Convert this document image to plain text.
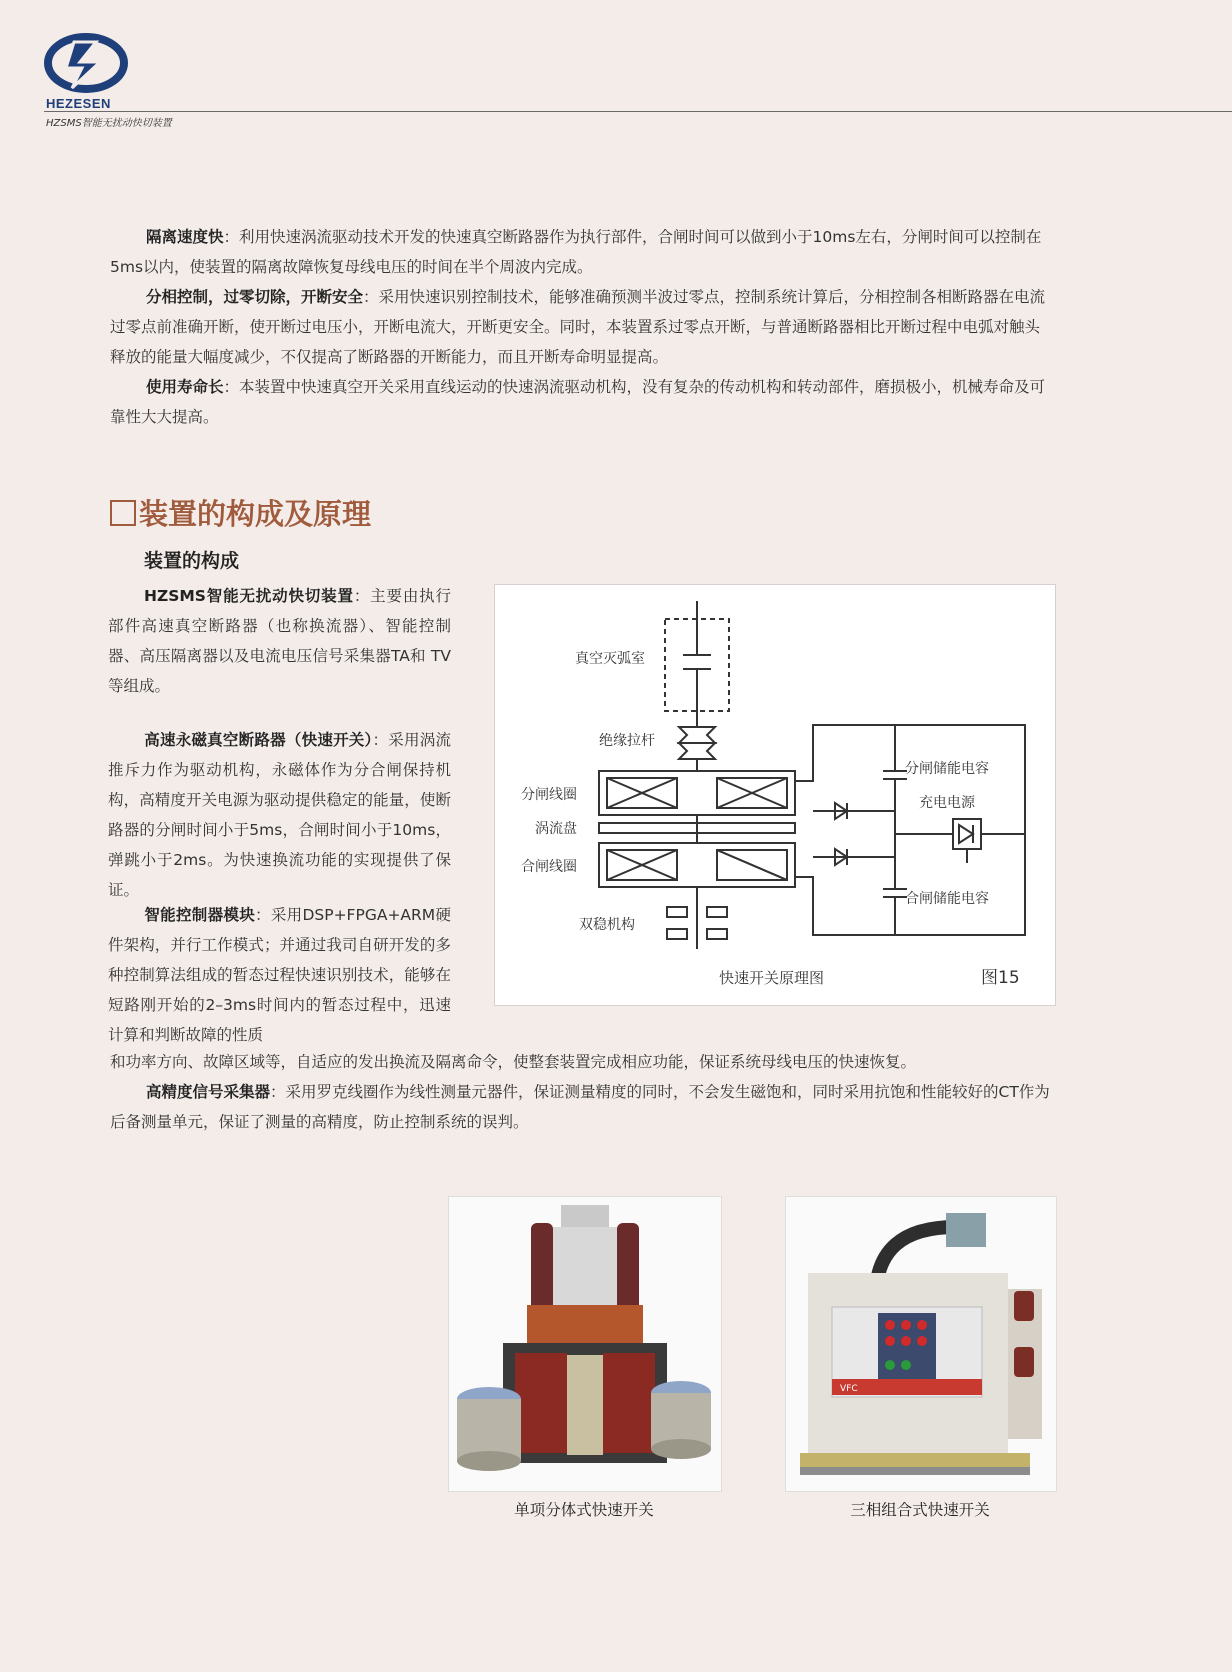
HEZESEN
HZSMS智能无扰动快切装置
隔离速度快：利用快速涡流驱动技术开发的快速真空断路器作为执行部件，合闸时间可以做到小于10ms左右，分闸时间可以控制在5ms以内，使装置的隔离故障恢复母线电压的时间在半个周波内完成。
分相控制，过零切除，开断安全：采用快速识别控制技术，能够准确预测半波过零点，控制系统计算后，分相控制各相断路器在电流过零点前准确开断，使开断过电压小，开断电流大，开断更安全。同时，本装置系过零点开断，与普通断路器相比开断过程中电弧对触头释放的能量大幅度减少，不仅提高了断路器的开断能力，而且开断寿命明显提高。
使用寿命长：本装置中快速真空开关采用直线运动的快速涡流驱动机构，没有复杂的传动机构和转动部件，磨损极小，机械寿命及可靠性大大提高。
装置的构成及原理
装置的构成
HZSMS智能无扰动快切装置：主要由执行部件高速真空断路器（也称换流器）、智能控制器、高压隔离器以及电流电压信号采集器TA和 TV等组成。
高速永磁真空断路器（快速开关）：采用涡流推斥力作为驱动机构，永磁体作为分合闸保持机构，高精度开关电源为驱动提供稳定的能量，使断路器的分闸时间小于5ms，合闸时间小于10ms，弹跳小于2ms。为快速换流功能的实现提供了保证。
智能控制器模块：采用DSP+FPGA+ARM硬件架构，并行工作模式；并通过我司自研开发的多种控制算法组成的暂态过程快速识别技术，能够在短路刚开始的2–3ms时间内的暂态过程中，迅速计算和判断故障的性质
和功率方向、故障区域等，自适应的发出换流及隔离命令，使整套装置完成相应功能，保证系统母线电压的快速恢复。
高精度信号采集器：采用罗克线圈作为线性测量元器件，保证测量精度的同时，不会发生磁饱和，同时采用抗饱和性能较好的CT作为后备测量单元，保证了测量的高精度，防止控制系统的误判。
真空灭弧室
绝缘拉杆
分闸线圈
涡流盘
合闸线圈
双稳机构
分闸储能电容
充电电源
合闸储能电容
快速开关原理图	图15
单项分体式快速开关
VFC
三相组合式快速开关
